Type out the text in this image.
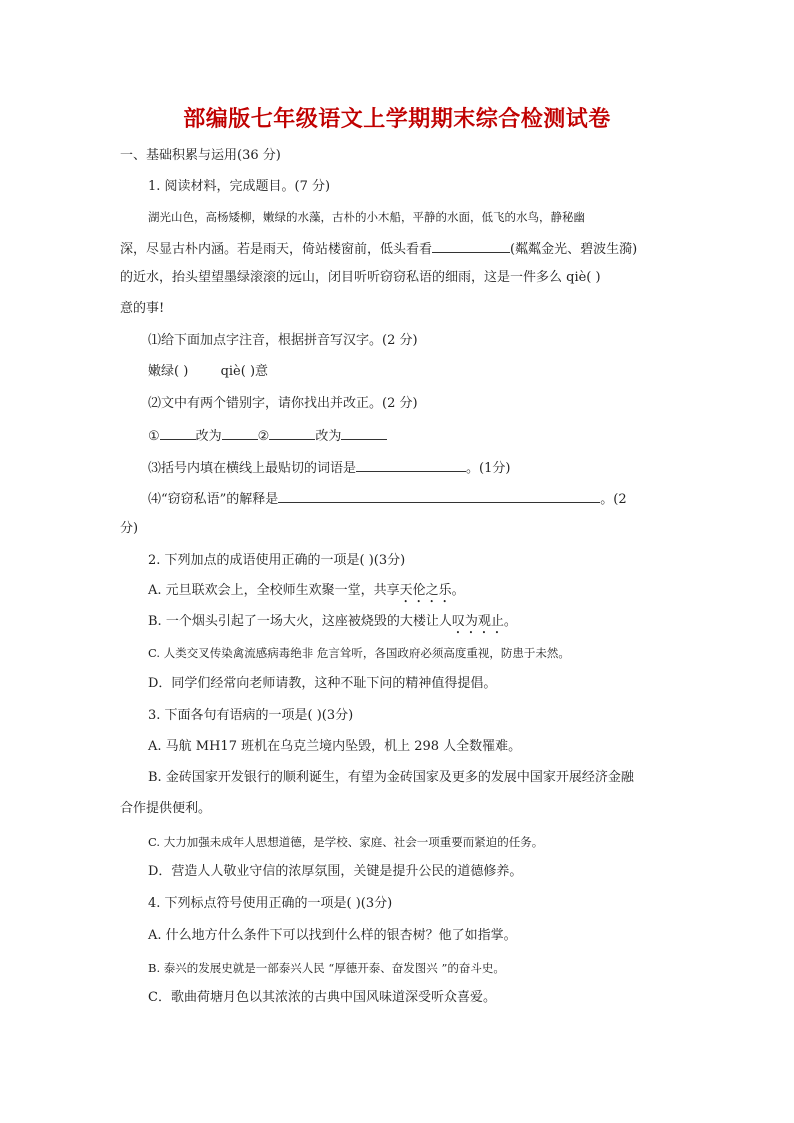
部编版七年级语文上学期期末综合检测试卷
一、基础积累与运用(36 分)
1. 阅读材料，完成题目。(7 分)
湖光山色，高杨矮柳，嫩绿的水藻，古朴的小木船，平静的水面，低飞的水鸟，静秘幽
深，尽显古朴内涵。若是雨天，倚站楼窗前，低头看看	(粼粼金光、碧波生漪)
的近水，抬头望望墨绿滚滚的远山，闭目听听窃窃私语的细雨，这是一件多么 qiè( )
意的事!
⑴给下面加点字注音，根据拼音写汉字。(2 分)
嫩绿( ) qiè( )意
⑵文中有两个错别字，请你找出并改正。(2 分)
①	改为	②	改为
⑶括号内填在横线上最贴切的词语是	。(1分)
⑷“窃窃私语”的解释是	。(2
分)
2. 下列加点的成语使用正确的一项是( )(3分)
A. 元旦联欢会上，全校师生欢聚一堂，共享天伦之乐。
B. 一个烟头引起了一场大火，这座被烧毁的大楼让人叹为观止。
C. 人类交叉传染禽流感病毒绝非 危言耸听，各国政府必须高度重视，防患于未然。
D．同学们经常向老师请教，这种不耻下问的精神值得提倡。
3. 下面各句有语病的一项是( )(3分)
A. 马航 MH17 班机在乌克兰境内坠毁，机上 298 人全数罹难。
B. 金砖国家开发银行的顺利诞生，有望为金砖国家及更多的发展中国家开展经济金融
合作提供便利。
C. 大力加强未成年人思想道德，是学校、家庭、社会一项重要而紧迫的任务。
D．营造人人敬业守信的浓厚氛围，关键是提升公民的道德修养。
4. 下列标点符号使用正确的一项是( )(3分)
A. 什么地方什么条件下可以找到什么样的银杏树？他了如指掌。
B. 泰兴的发展史就是一部泰兴人民 “厚德开泰、奋发图兴 ”的奋斗史。
C．歌曲荷塘月色以其浓浓的古典中国风味道深受听众喜爱。
